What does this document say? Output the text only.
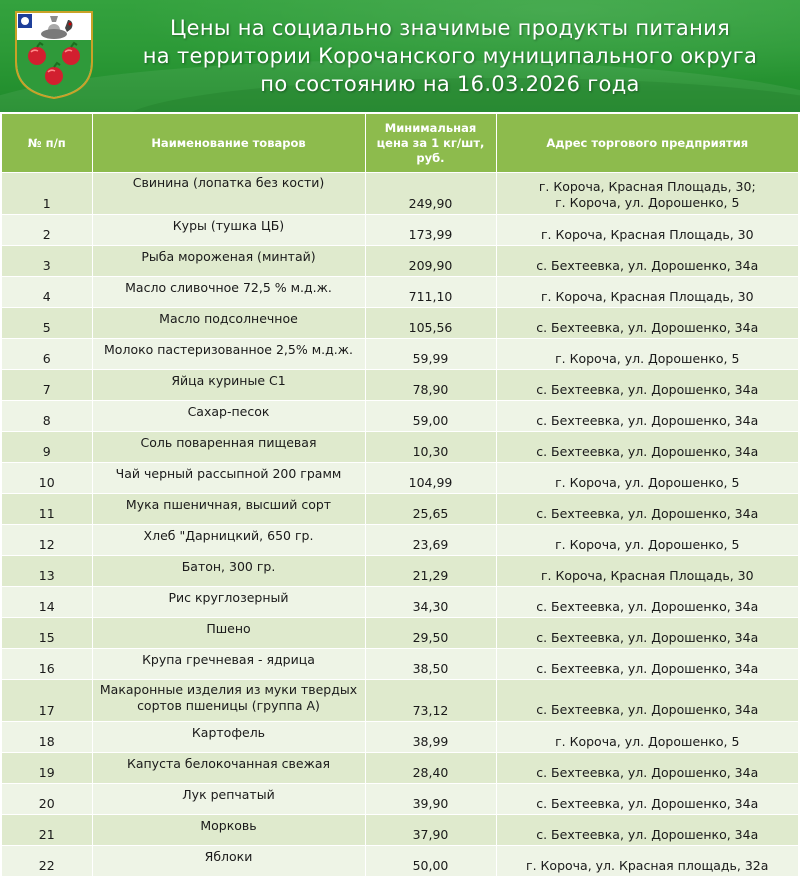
Цены на социально значимые продукты питания
на территории Корочанского муниципального округа
по состоянию на 16.03.2026 года
№ п/п	Наименование товаров	Минимальная цена за 1 кг/шт, руб.	Адрес торгового предприятия
1	Свинина (лопатка без кости)	249,90	г. Короча, Красная Площадь, 30;
г. Короча, ул. Дорошенко, 5
2	Куры (тушка ЦБ)	173,99	г. Короча, Красная Площадь, 30
3	Рыба мороженая (минтай)	209,90	с. Бехтеевка, ул. Дорошенко, 34а
4	Масло сливочное 72,5 % м.д.ж.	711,10	г. Короча, Красная Площадь, 30
5	Масло подсолнечное	105,56	с. Бехтеевка, ул. Дорошенко, 34а
6	Молоко пастеризованное 2,5% м.д.ж.	59,99	г. Короча, ул. Дорошенко, 5
7	Яйца куриные С1	78,90	с. Бехтеевка, ул. Дорошенко, 34а
8	Сахар-песок	59,00	с. Бехтеевка, ул. Дорошенко, 34а
9	Соль поваренная пищевая	10,30	с. Бехтеевка, ул. Дорошенко, 34а
10	Чай черный рассыпной 200 грамм	104,99	г. Короча, ул. Дорошенко, 5
11	Мука пшеничная, высший сорт	25,65	с. Бехтеевка, ул. Дорошенко, 34а
12	Хлеб "Дарницкий, 650 гр.	23,69	г. Короча, ул. Дорошенко, 5
13	Батон, 300 гр.	21,29	г. Короча, Красная Площадь, 30
14	Рис круглозерный	34,30	с. Бехтеевка, ул. Дорошенко, 34а
15	Пшено	29,50	с. Бехтеевка, ул. Дорошенко, 34а
16	Крупа гречневая - ядрица	38,50	с. Бехтеевка, ул. Дорошенко, 34а
17	Макаронные изделия из муки твердых сортов пшеницы (группа А)	73,12	с. Бехтеевка, ул. Дорошенко, 34а
18	Картофель	38,99	г. Короча, ул. Дорошенко, 5
19	Капуста белокочанная свежая	28,40	с. Бехтеевка, ул. Дорошенко, 34а
20	Лук репчатый	39,90	с. Бехтеевка, ул. Дорошенко, 34а
21	Морковь	37,90	с. Бехтеевка, ул. Дорошенко, 34а
22	Яблоки	50,00	г. Короча, ул. Красная площадь, 32а
